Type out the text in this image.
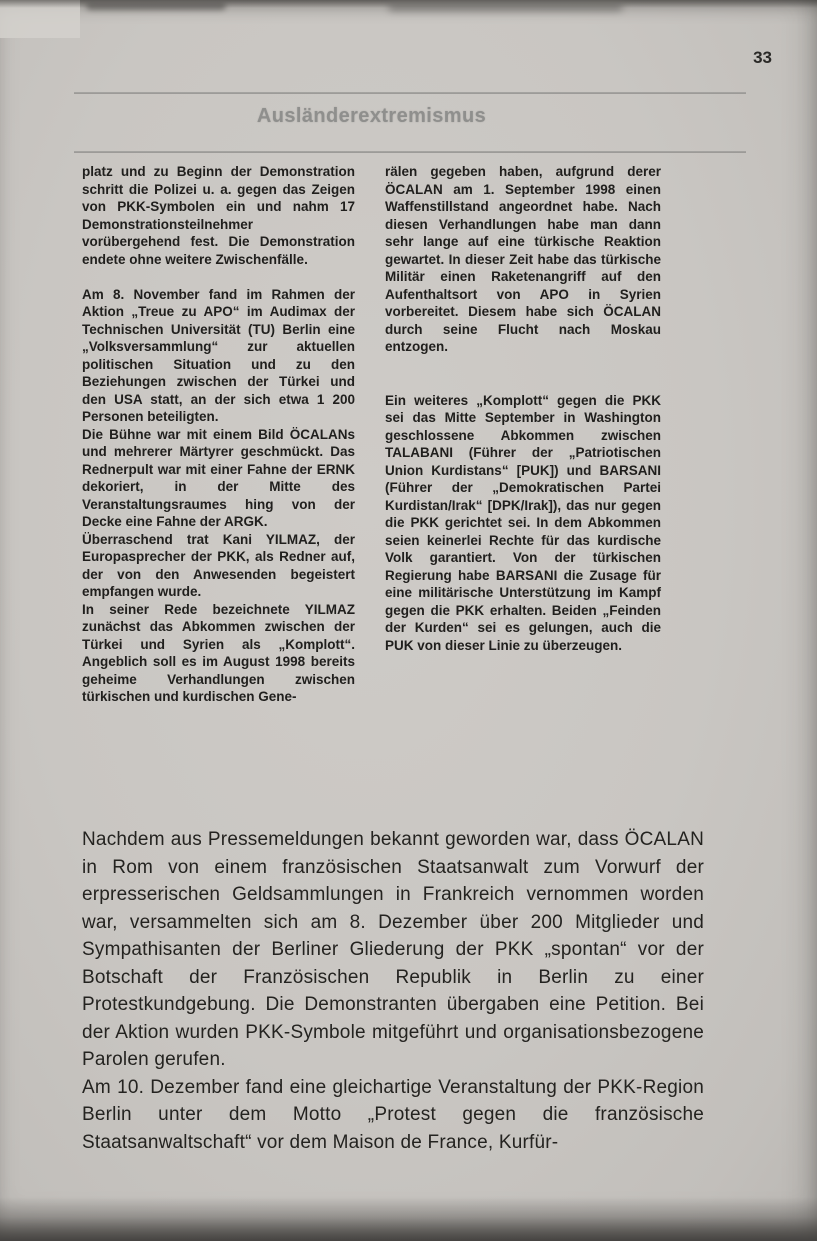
33
Ausländerextremismus

platz und zu Beginn der Demonstration schritt die Polizei u. a. gegen das Zeigen von PKK-Symbolen ein und nahm 17 Demonstrationsteilnehmer vorübergehend fest. Die Demonstration endete ohne weitere Zwischenfälle.

Am 8. November fand im Rahmen der Aktion „Treue zu APO“ im Audimax der Technischen Universität (TU) Berlin eine „Volksversammlung“ zur aktuellen politischen Situation und zu den Beziehungen zwischen der Türkei und den USA statt, an der sich etwa 1 200 Personen beteiligten.

Die Bühne war mit einem Bild ÖCALANs und mehrerer Märtyrer geschmückt. Das Rednerpult war mit einer Fahne der ERNK dekoriert, in der Mitte des Veranstaltungsraumes hing von der Decke eine Fahne der ARGK.

Überraschend trat Kani YILMAZ, der Europasprecher der PKK, als Redner auf, der von den Anwesenden begeistert empfangen wurde.

In seiner Rede bezeichnete YILMAZ zunächst das Abkommen zwischen der Türkei und Syrien als „Komplott“. Angeblich soll es im August 1998 bereits geheime Verhandlungen zwischen türkischen und kurdischen Gene-

rälen gegeben haben, aufgrund derer ÖCALAN am 1. September 1998 einen Waffenstillstand angeordnet habe. Nach diesen Verhandlungen habe man dann sehr lange auf eine türkische Reaktion gewartet. In dieser Zeit habe das türkische Militär einen Raketenangriff auf den Aufenthaltsort von APO in Syrien vorbereitet. Diesem habe sich ÖCALAN durch seine Flucht nach Moskau entzogen.

Ein weiteres „Komplott“ gegen die PKK sei das Mitte September in Washington geschlossene Abkommen zwischen TALABANI (Führer der „Patriotischen Union Kurdistans“ [PUK]) und BARSANI (Führer der „Demokratischen Partei Kurdistan/Irak“ [DPK/Irak]), das nur gegen die PKK gerichtet sei. In dem Abkommen seien keinerlei Rechte für das kurdische Volk garantiert. Von der türkischen Regierung habe BARSANI die Zusage für eine militärische Unterstützung im Kampf gegen die PKK erhalten. Beiden „Feinden der Kurden“ sei es gelungen, auch die PUK von dieser Linie zu überzeugen.

Nachdem aus Pressemeldungen bekannt geworden war, dass ÖCALAN in Rom von einem französischen Staatsanwalt zum Vorwurf der erpresserischen Geldsammlungen in Frankreich vernommen worden war, versammelten sich am 8. Dezember über 200 Mitglieder und Sympathisanten der Berliner Gliederung der PKK „spontan“ vor der Botschaft der Französischen Republik in Berlin zu einer Protestkundgebung. Die Demonstranten übergaben eine Petition. Bei der Aktion wurden PKK-Symbole mitgeführt und organisationsbezogene Parolen gerufen.

Am 10. Dezember fand eine gleichartige Veranstaltung der PKK-Region Berlin unter dem Motto „Protest gegen die französische Staatsanwaltschaft“ vor dem Maison de France, Kurfür-
